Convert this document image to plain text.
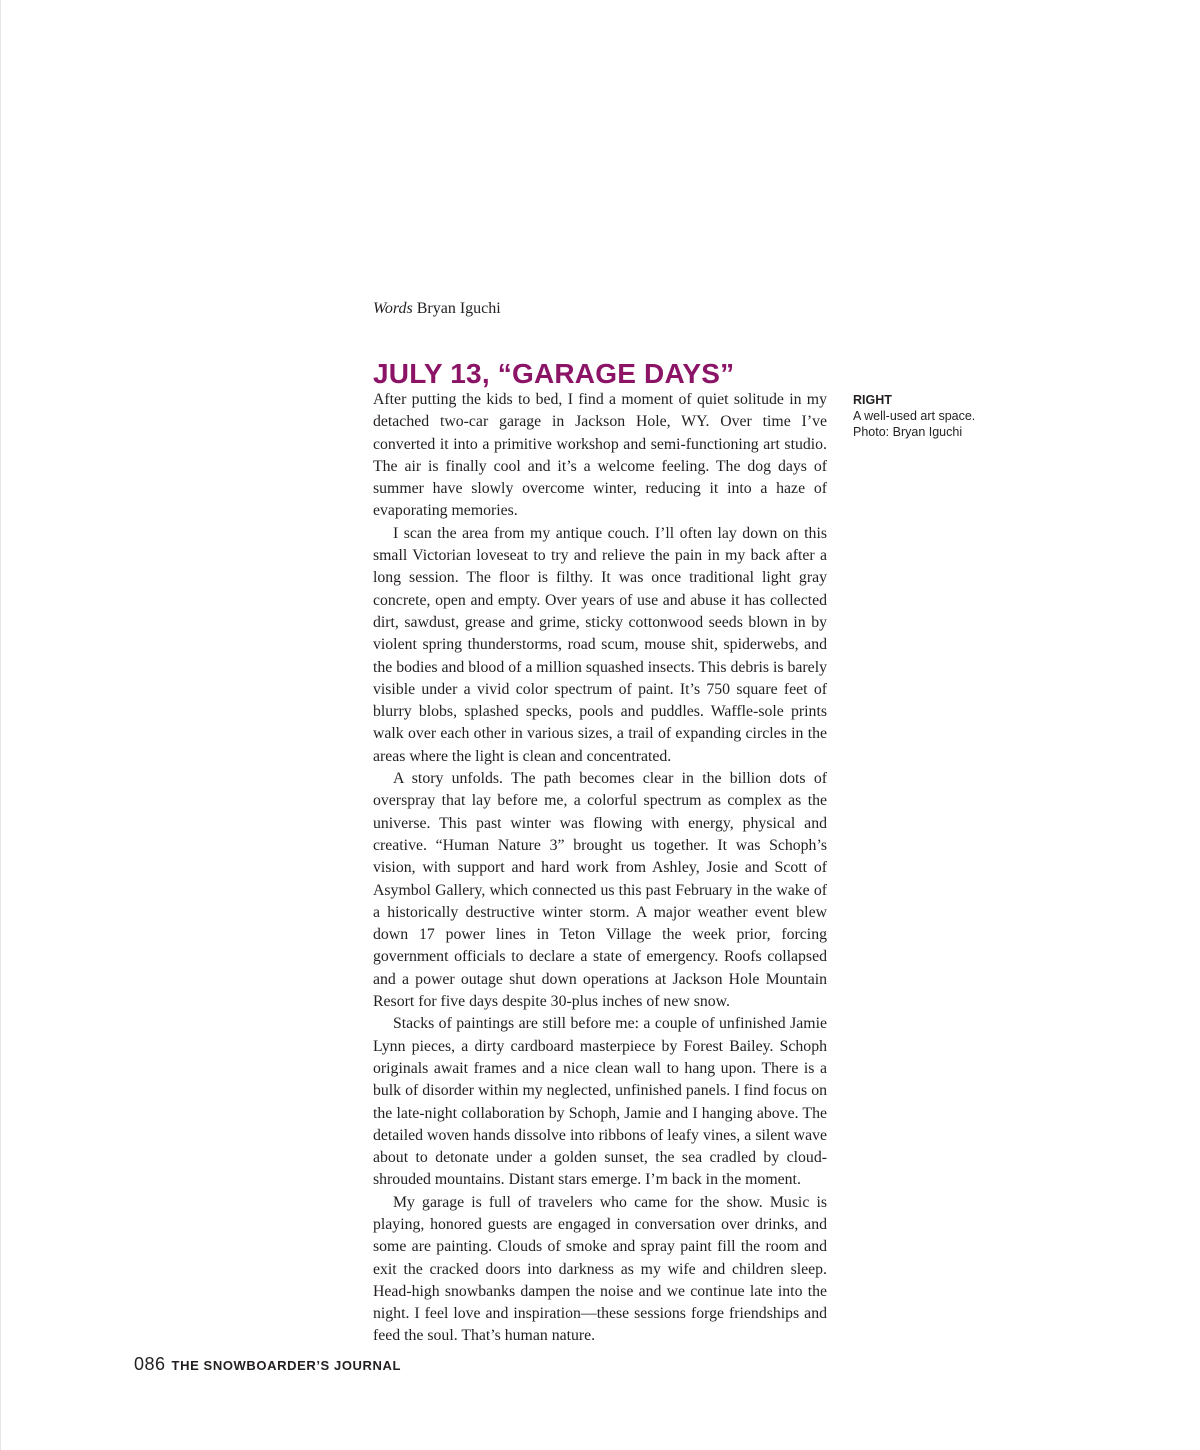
Words Bryan Iguchi
JULY 13, “GARAGE DAYS”

After putting the kids to bed, I find a moment of quiet solitude in my detached two-car garage in Jackson Hole, WY. Over time I’ve converted it into a primitive workshop and semi-functioning art studio. The air is finally cool and it’s a welcome feeling. The dog days of summer have slowly overcome winter, reducing it into a haze of evaporating memories.

I scan the area from my antique couch. I’ll often lay down on this small Victorian loveseat to try and relieve the pain in my back after a long session. The floor is filthy. It was once traditional light gray concrete, open and empty. Over years of use and abuse it has collected dirt, sawdust, grease and grime, sticky cottonwood seeds blown in by violent spring thunderstorms, road scum, mouse shit, spiderwebs, and the bodies and blood of a million squashed insects. This debris is barely visible under a vivid color spectrum of paint. It’s 750 square feet of blurry blobs, splashed specks, pools and puddles. Waffle-sole prints walk over each other in various sizes, a trail of expanding circles in the areas where the light is clean and concentrated.

A story unfolds. The path becomes clear in the billion dots of overspray that lay before me, a colorful spectrum as complex as the universe. This past winter was flowing with energy, physical and creative. “Human Nature 3” brought us together. It was Schoph’s vision, with support and hard work from Ashley, Josie and Scott of Asymbol Gallery, which connected us this past February in the wake of a historically destructive winter storm. A major weather event blew down 17 power lines in Teton Village the week prior, forcing government officials to declare a state of emergency. Roofs collapsed and a power outage shut down operations at Jackson Hole Mountain Resort for five days despite 30-plus inches of new snow.

Stacks of paintings are still before me: a couple of unfinished Jamie Lynn pieces, a dirty cardboard masterpiece by Forest Bailey. Schoph originals await frames and a nice clean wall to hang upon. There is a bulk of disorder within my neglected, unfinished panels. I find focus on the late-night collaboration by Schoph, Jamie and I hanging above. The detailed woven hands dissolve into ribbons of leafy vines, a silent wave about to detonate under a golden sunset, the sea cradled by cloud-shrouded mountains. Distant stars emerge. I’m back in the moment.

My garage is full of travelers who came for the show. Music is playing, honored guests are engaged in conversation over drinks, and some are painting. Clouds of smoke and spray paint fill the room and exit the cracked doors into darkness as my wife and children sleep. Head-high snowbanks dampen the noise and we continue late into the night. I feel love and inspiration—these sessions forge friendships and feed the soul. That’s human nature.

RIGHT
A well-used art space.
Photo: Bryan Iguchi
086 THE SNOWBOARDER’S JOURNAL
